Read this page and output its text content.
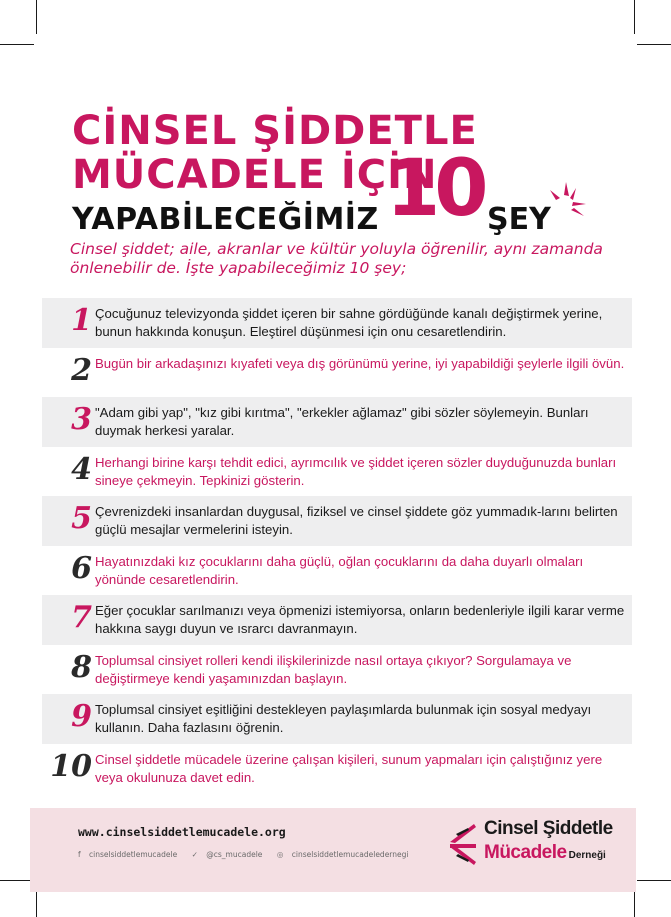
CİNSEL ŞİDDETLE
MÜCADELE İÇİN
YAPABİLECEĞİMİZ 10 ŞEY
Cinsel şiddet; aile, akranlar ve kültür yoluyla öğrenilir, aynı zamanda önlenebilir de. İşte yapabileceğimiz 10 şey;
1 Çocuğunuz televizyonda şiddet içeren bir sahne gördüğünde kanalı değiştirmek yerine, bunun hakkında konuşun. Eleştirel düşünmesi için onu cesaretlendirin.
2 Bugün bir arkadaşınızı kıyafeti veya dış görünümü yerine, iyi yapabildiği şeylerle ilgili övün.
3 "Adam gibi yap", "kız gibi kırıtma", "erkekler ağlamaz" gibi sözler söylemeyin. Bunları duymak herkesi yaralar.
4 Herhangi birine karşı tehdit edici, ayrımcılık ve şiddet içeren sözler duyduğunuzda bunları sineye çekmeyin. Tepkinizi gösterin.
5 Çevrenizdeki insanlardan duygusal, fiziksel ve cinsel şiddete göz yummadık-larını belirten güçlü mesajlar vermelerini isteyin.
6 Hayatınızdaki kız çocuklarını daha güçlü, oğlan çocuklarını da daha duyarlı olmaları yönünde cesaretlendirin.
7 Eğer çocuklar sarılmanızı veya öpmenizi istemiyorsa, onların bedenleriyle ilgili karar verme hakkına saygı duyun ve ısrarcı davranmayın.
8 Toplumsal cinsiyet rolleri kendi ilişkilerinizde nasıl ortaya çıkıyor? Sorgulamaya ve değiştirmeye kendi yaşamınızdan başlayın.
9 Toplumsal cinsiyet eşitliğini destekleyen paylaşımlarda bulunmak için sosyal medyayı kullanın. Daha fazlasını öğrenin.
10 Cinsel şiddetle mücadele üzerine çalışan kişileri, sunum yapmaları için çalıştığınız yere veya okulunuza davet edin.
www.cinselsiddetlemucadele.org
f cinselsiddetlemucadele ✓ @cs_mucadele ◎ cinselsiddetlemucadeledernegi
Cinsel Şiddetle
Mücadele Derneği
